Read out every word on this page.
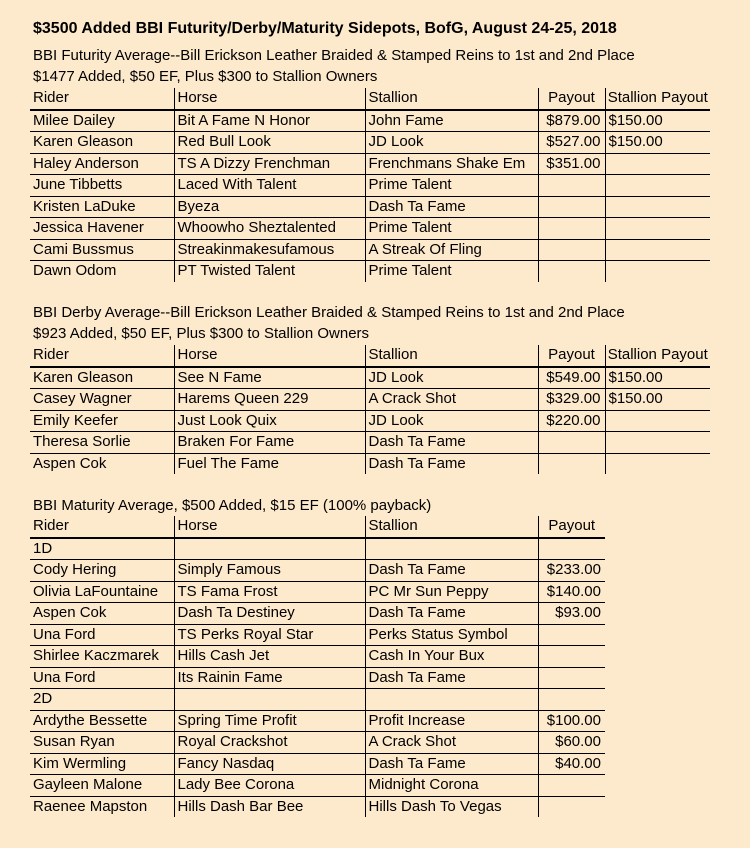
$3500 Added BBI Futurity/Derby/Maturity Sidepots, BofG, August 24-25, 2018
BBI Futurity Average--Bill Erickson Leather Braided & Stamped Reins to 1st and 2nd Place
$1477 Added, $50 EF, Plus $300 to Stallion Owners
Rider	Horse	Stallion	Payout	Stallion Payout
Milee Dailey	Bit A Fame N Honor	John Fame	$879.00	$150.00
Karen Gleason	Red Bull Look	JD Look	$527.00	$150.00
Haley Anderson	TS A Dizzy Frenchman	Frenchmans Shake Em	$351.00	
June Tibbetts	Laced With Talent	Prime Talent		
Kristen LaDuke	Byeza	Dash Ta Fame		
Jessica Havener	Whoowho Sheztalented	Prime Talent		
Cami Bussmus	Streakinmakesufamous	A Streak Of Fling		
Dawn Odom	PT Twisted Talent	Prime Talent		
BBI Derby Average--Bill Erickson Leather Braided & Stamped Reins to 1st and 2nd Place
$923 Added, $50 EF, Plus $300 to Stallion Owners
Rider	Horse	Stallion	Payout	Stallion Payout
Karen Gleason	See N Fame	JD Look	$549.00	$150.00
Casey Wagner	Harems Queen 229	A Crack Shot	$329.00	$150.00
Emily Keefer	Just Look Quix	JD Look	$220.00	
Theresa Sorlie	Braken For Fame	Dash Ta Fame		
Aspen Cok	Fuel The Fame	Dash Ta Fame		
BBI Maturity Average, $500 Added, $15 EF (100% payback)
Rider	Horse	Stallion	Payout
1D			
Cody Hering	Simply Famous	Dash Ta Fame	$233.00
Olivia LaFountaine	TS Fama Frost	PC Mr Sun Peppy	$140.00
Aspen Cok	Dash Ta Destiney	Dash Ta Fame	$93.00
Una Ford	TS Perks Royal Star	Perks Status Symbol	
Shirlee Kaczmarek	Hills Cash Jet	Cash In Your Bux	
Una Ford	Its Rainin Fame	Dash Ta Fame	
2D			
Ardythe Bessette	Spring Time Profit	Profit Increase	$100.00
Susan Ryan	Royal Crackshot	A Crack Shot	$60.00
Kim Wermling	Fancy Nasdaq	Dash Ta Fame	$40.00
Gayleen Malone	Lady Bee Corona	Midnight Corona	
Raenee Mapston	Hills Dash Bar Bee	Hills Dash To Vegas	
